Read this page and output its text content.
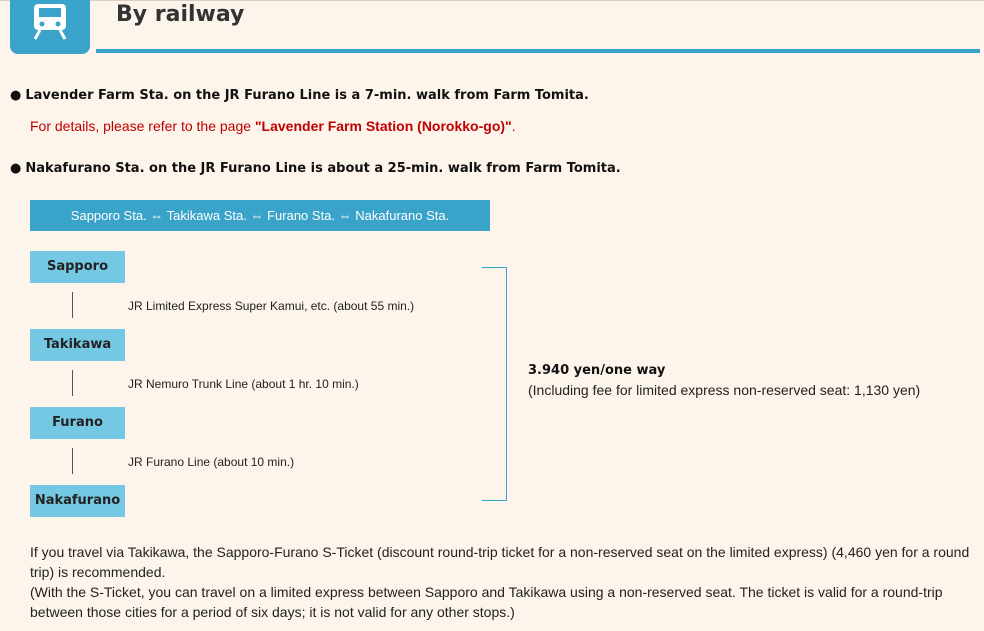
By railway
● Lavender Farm Sta. on the JR Furano Line is a 7-min. walk from Farm Tomita.
For details, please refer to the page "Lavender Farm Station (Norokko-go)".
● Nakafurano Sta. on the JR Furano Line is about a 25-min. walk from Farm Tomita.
Sapporo Sta. ⇔ Takikawa Sta. ⇔ Furano Sta. ⇔ Nakafurano Sta.
Sapporo
JR Limited Express Super Kamui, etc. (about 55 min.)
Takikawa
JR Nemuro Trunk Line (about 1 hr. 10 min.)
Furano
JR Furano Line (about 10 min.)
Nakafurano
3.940 yen/one way
(Including fee for limited express non-reserved seat: 1,130 yen)

If you travel via Takikawa, the Sapporo-Furano S-Ticket (discount round-trip ticket for a non-reserved seat on the limited express) (4,460 yen for a round trip) is recommended.

(With the S-Ticket, you can travel on a limited express between Sapporo and Takikawa using a non-reserved seat. The ticket is valid for a round-trip between those cities for a period of six days; it is not valid for any other stops.)
